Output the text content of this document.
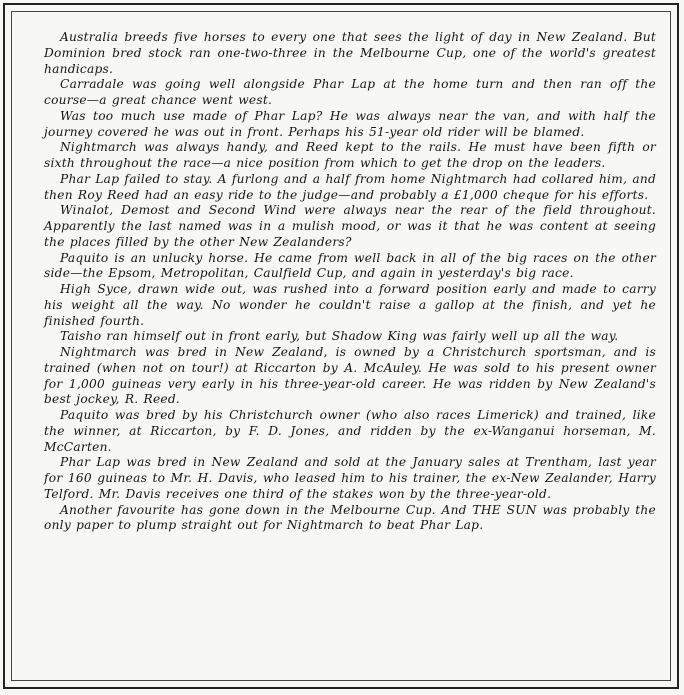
Australia breeds five horses to every one that sees the light of day in New Zealand. But Dominion bred stock ran one-two-three in the Melbourne Cup, one of the world's greatest handicaps.

Carradale was going well alongside Phar Lap at the home turn and then ran off the course—a great chance went west.

Was too much use made of Phar Lap? He was always near the van, and with half the journey covered he was out in front. Perhaps his 51-year old rider will be blamed.

Nightmarch was always handy, and Reed kept to the rails. He must have been fifth or sixth throughout the race—a nice position from which to get the drop on the leaders.

Phar Lap failed to stay. A furlong and a half from home Nightmarch had collared him, and then Roy Reed had an easy ride to the judge—and probably a £1,000 cheque for his efforts.

Winalot, Demost and Second Wind were always near the rear of the field throughout. Apparently the last named was in a mulish mood, or was it that he was content at seeing the places filled by the other New Zealanders?

Paquito is an unlucky horse. He came from well back in all of the big races on the other side—the Epsom, Metropolitan, Caulfield Cup, and again in yesterday's big race.

High Syce, drawn wide out, was rushed into a forward position early and made to carry his weight all the way. No wonder he couldn't raise a gallop at the finish, and yet he finished fourth.

Taisho ran himself out in front early, but Shadow King was fairly well up all the way.

Nightmarch was bred in New Zealand, is owned by a Christchurch sportsman, and is trained (when not on tour!) at Riccarton by A. McAuley. He was sold to his present owner for 1,000 guineas very early in his three-year-old career. He was ridden by New Zealand's best jockey, R. Reed.

Paquito was bred by his Christchurch owner (who also races Limerick) and trained, like the winner, at Riccarton, by F. D. Jones, and ridden by the ex-Wanganui horseman, M. McCarten.

Phar Lap was bred in New Zealand and sold at the January sales at Trentham, last year for 160 guineas to Mr. H. Davis, who leased him to his trainer, the ex-New Zealander, Harry Telford. Mr. Davis receives one third of the stakes won by the three-year-old.

Another favourite has gone down in the Melbourne Cup. And THE SUN was probably the only paper to plump straight out for Nightmarch to beat Phar Lap.
